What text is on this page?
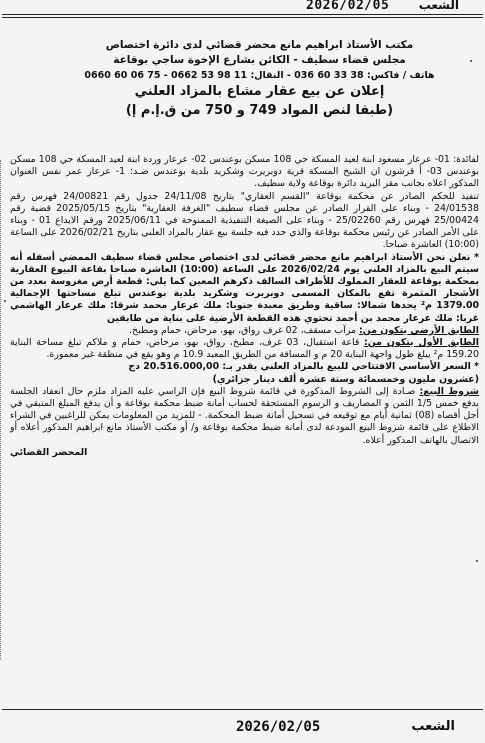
2026/02/05 الشعب
مكتب الأستاذ ابراهيم مانع محضر قضائي لدى دائرة اختصاص
مجلس قضاء سطيف - الكائن بشارع الإخوة ساجي بوقاعة
هاتف / فاكس: 38 33 60 036 - النقال: 11 98 53 0662 - 75 06 60 0660
إعلان عن بيع عقار مشاع بالمزاد العلني
(طبقا لنص المواد 749 و 750 من ق.إ.م إ)

لفائدة: 01- عرعار مسعود ابنة لعيد المسكة حي 108 مسكن بوعندس 02- عرعار وردة ابنة لعيد المسكة حي 108 مسكن بوعندس 03- أ قرشون ان الشيخ المسكة قرية دوبريرت وشكريد بلدية بوعندس ضـد: 1- عرعار عمر نفس العنوان المذكور اعلاه بجانب مقر البريد دائرة بوقاعة ولاية سطيف.

تنفيذ للحكم الصادر عن محكمة بوقاعة "القسم العقاري" بتاريخ 24/11/08 جدول رقم 24/00821 فهرس رقم 24/01538 - وبناء على القرار الصادر عن مجلس قضاء سطيف "الغرفة العقارية" بتاريخ 2025/05/15 قضية رقم 25/00424 فهرس رقم 25/02260 - وبناء على الصيغة التنفيذية الممنوحة في 2025/06/11 ورقم الايداع 01 - وبناء على الأمر الصادر عن رئيس محكمة بوقاعة والذي حدد فيه جلسة بيع عقار بالمزاد العلني بتاريخ 2026/02/21 على الساعة (10:00) العاشرة صباحا.

* نعلن نحن الأستاذ ابراهيم مانع محضر قضائي لدى اختصاص مجلس قضاء سطيف الممضي أسفله أنه سيتم البيع بالمزاد العلني يوم 2026/02/24 على الساعة (10:00) العاشرة صباحا بقاعة البيوع العقارية بمحكمة بوقاعة للعقار المملوك للأطراف السالف ذكرهم المعين كما يلي: قطعة أرض مغروسة بعدد من الأشجار المثمرة تقع بالمكان المسمى دوبريرت وشكريد بلدية بوعندس تبلغ مساحتها الإجمالية 1379.00 م² يحدها شمالا: ساقية وطريق معبدة جنوبا: ملك عرعار محمد شرقا: ملك عرعار الهاشمي غربا: ملك عرعار محمد بن أحمد تحتوي هذه القطعة الأرضية على بناية من طابقين

الطابق الأرضي يتكون من: مرآب مسقف، 02 غرف رواق، بهو، مرحاض، حمام ومطبخ.

الطابق الأول يتكون من: قاعة استقبال، 03 غرف، مطبخ، رواق، بهو، مرحاض، حمام و ملاكم تبلغ مساحة البناية 159.20 م² يبلغ طول واجهة البناية 20 م و المسافة من الطريق المعبد 10.9 م وهو يقع في منطقة غير معمورة.

* السعر الأساسي الافتتاحي للبيع بالمزاد العلني يقدر بـ: 20.516.000,00 دج

(عشرون مليون وخمسمائة وستة عشرة ألف دينار جزائري)

شروط البيع: صـادة إلى الشروط المذكورة في قائمة شروط البيع فإن الراسي عليه المزاد ملزم حال انعقاد الجلسة بدفع خمس 1/5 الثمن و المصاريف و الرسوم المستحقة لحساب أمانة ضبط محكمة بوقاعة و أن يدفع المبلغ المتبقي في أجل أقصاه (08) ثمانية أيام مع توقيعه في تسجيل أمانة ضبط المحكمة. - للمزيد من المعلومات يمكن للراغبين في الشراء الاطلاع على قائمة شروط البيع المودعة لدى أمانة ضبط محكمة بوقاعة و/ أو مكتب الأستاذ مانع ابراهيم المذكور أعلاه أو الاتصال بالهاتف المذكور أعلاه.

المحضر القضائي

2026/02/05	الشعب
